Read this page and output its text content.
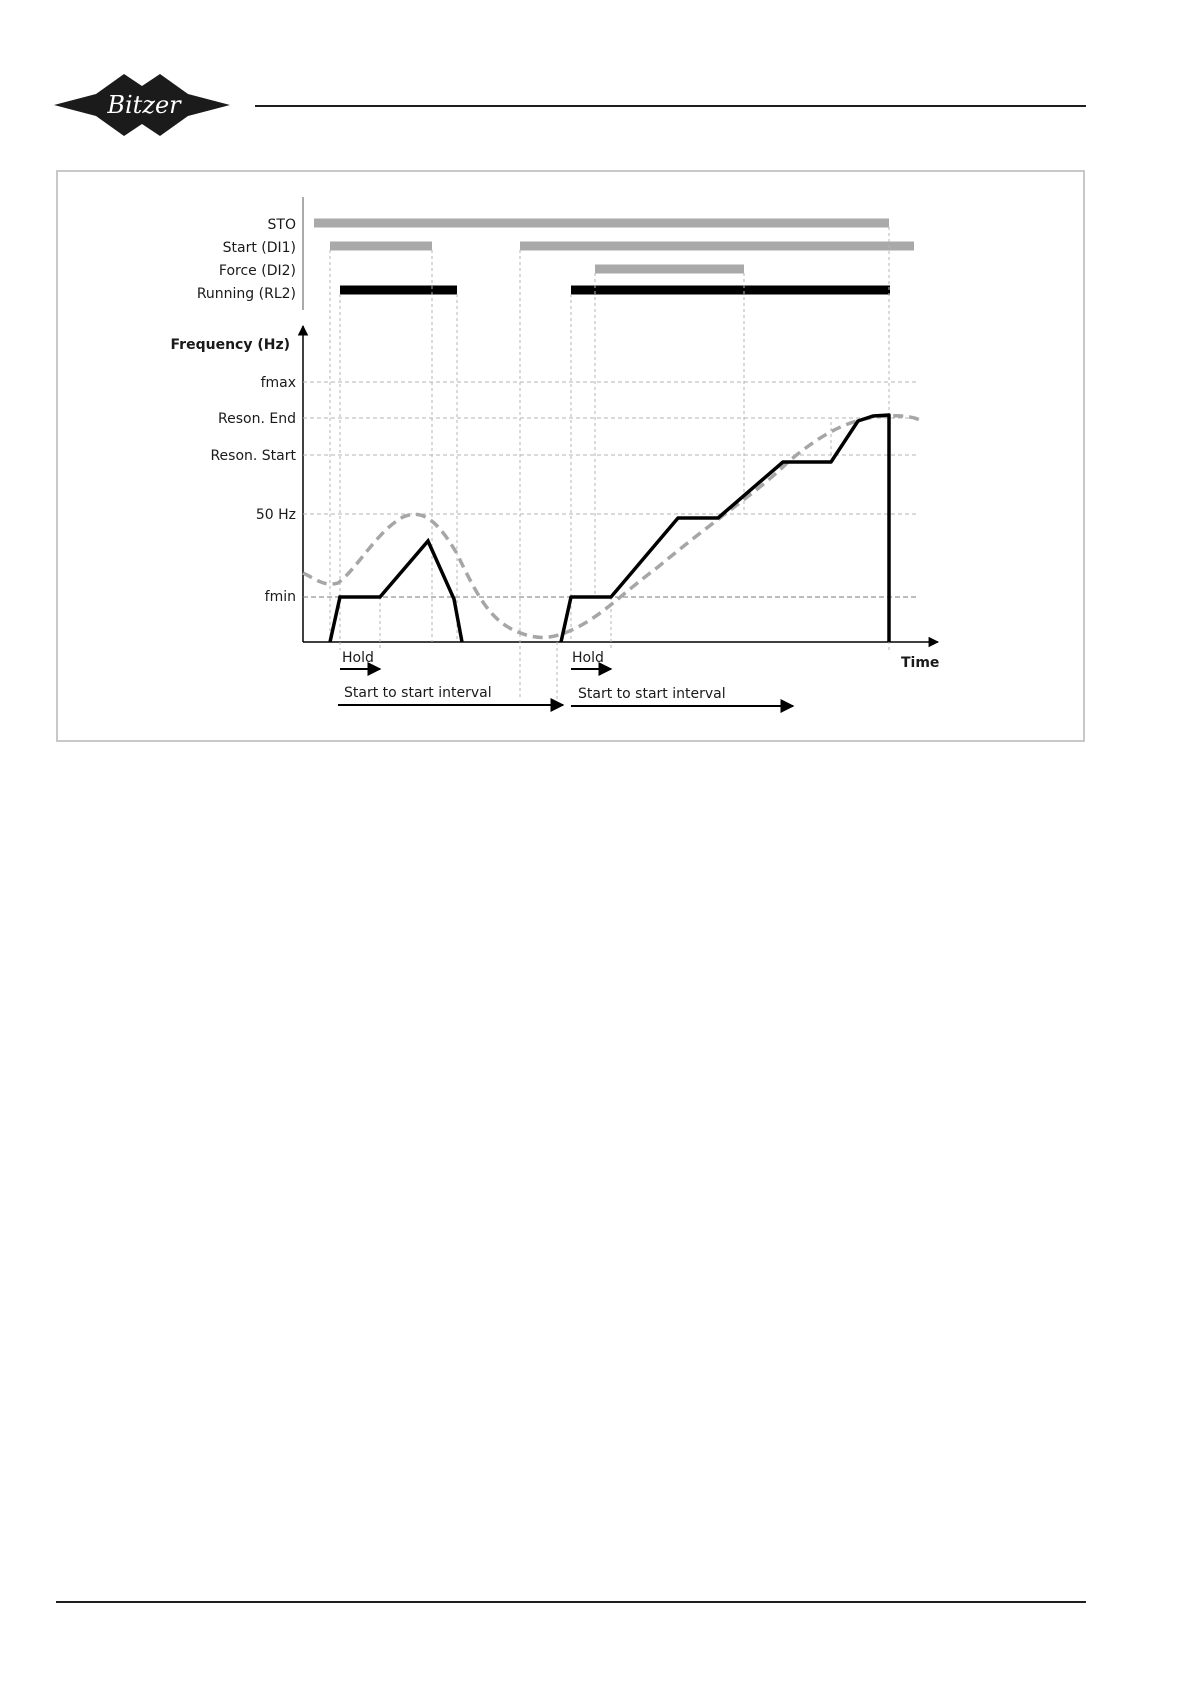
Bitzer
STO
Start (DI1)
Force (DI2)
Running (RL2)
Frequency (Hz)
Time
fmax
Reson. End
Reson. Start
50 Hz
fmin
Hold	Hold
Start to start interval	Start to start interval
